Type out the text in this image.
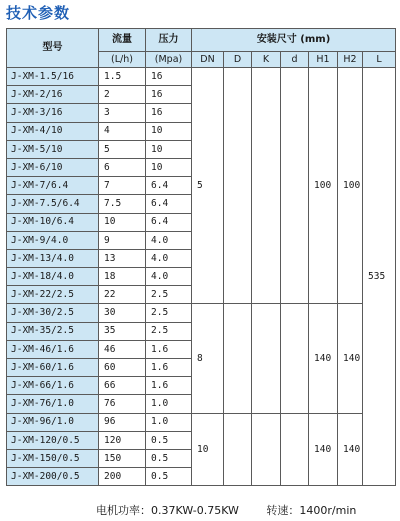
技术参数
型号	流量	压力	安装尺寸 (mm)						
	(L/h)	(Mpa)	DN	D	K	d	H1	H2	L
J-XM-1.5/16	1.5	16	5				100	100	535
J-XM-2/16	2	16							
J-XM-3/16	3	16							
J-XM-4/10	4	10							
J-XM-5/10	5	10							
J-XM-6/10	6	10							
J-XM-7/6.4	7	6.4							
J-XM-7.5/6.4	7.5	6.4							
J-XM-10/6.4	10	6.4							
J-XM-9/4.0	9	4.0							
J-XM-13/4.0	13	4.0							
J-XM-18/4.0	18	4.0							
J-XM-22/2.5	22	2.5							
J-XM-30/2.5	30	2.5	8				140	140	
J-XM-35/2.5	35	2.5							
J-XM-46/1.6	46	1.6							
J-XM-60/1.6	60	1.6							
J-XM-66/1.6	66	1.6							
J-XM-76/1.0	76	1.0							
J-XM-96/1.0	96	1.0	10				140	140	
J-XM-120/0.5	120	0.5							
J-XM-150/0.5	150	0.5							
J-XM-200/0.5	200	0.5							
电机功率：0.37KW-0.75KW	转速：1400r/min
